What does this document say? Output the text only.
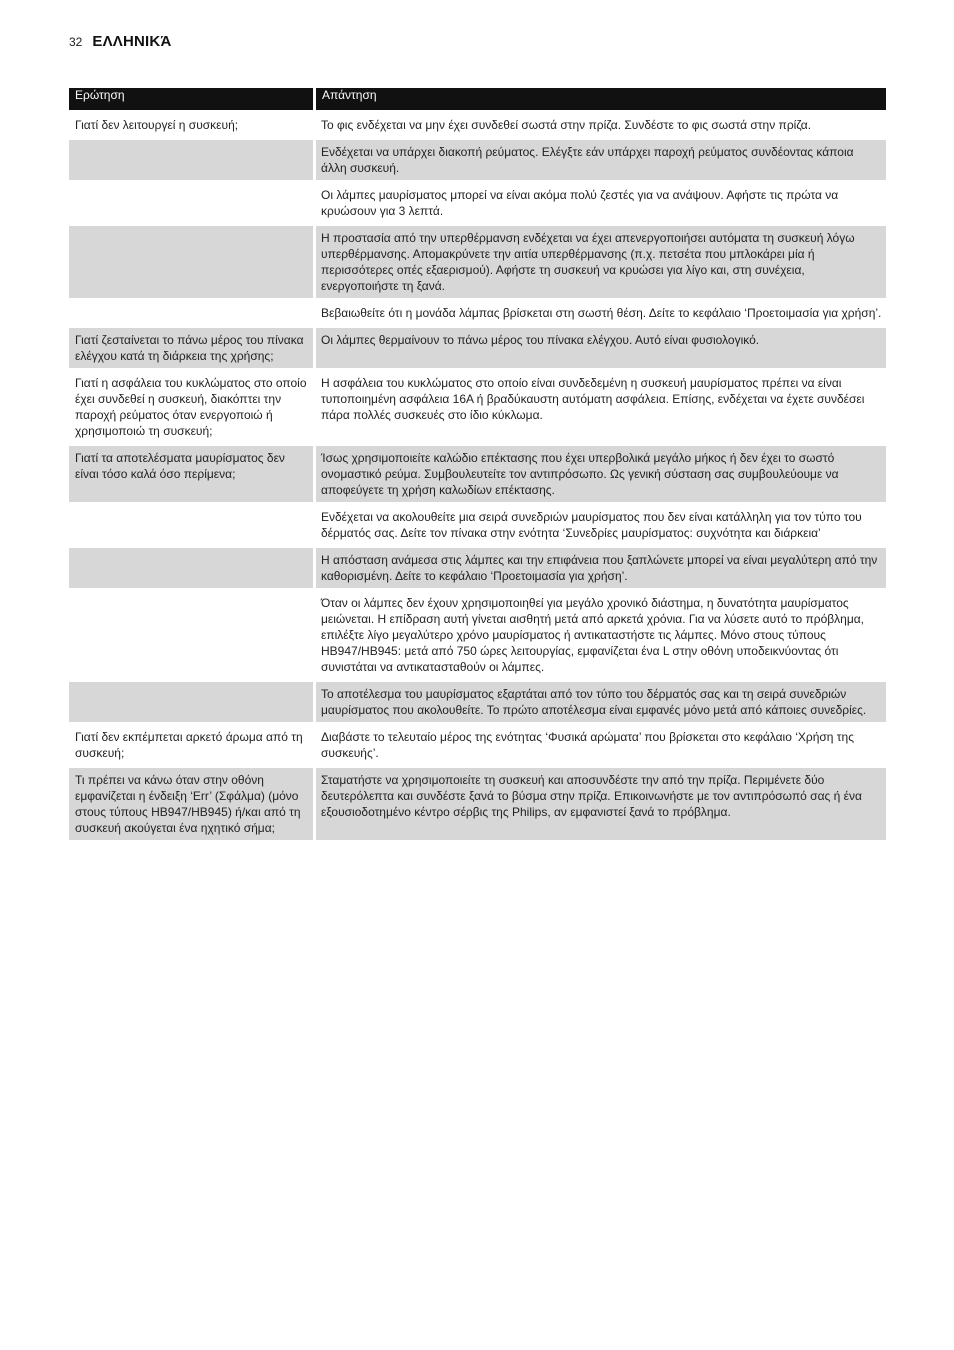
32 ΕΛΛΗΝΙΚΆ
Ερώτηση	Απάντηση
Γιατί δεν λειτουργεί η συσκευή;	Το φις ενδέχεται να μην έχει συνδεθεί σωστά στην πρίζα. Συνδέστε το φις σωστά στην πρίζα.
	Ενδέχεται να υπάρχει διακοπή ρεύματος. Ελέγξτε εάν υπάρχει παροχή ρεύματος συνδέοντας κάποια άλλη συσκευή.
	Οι λάμπες μαυρίσματος μπορεί να είναι ακόμα πολύ ζεστές για να ανάψουν. Αφήστε τις πρώτα να κρυώσουν για 3 λεπτά.
	Η προστασία από την υπερθέρμανση ενδέχεται να έχει απενεργοποιήσει αυτόματα τη συσκευή λόγω υπερθέρμανσης. Απομακρύνετε την αιτία υπερθέρμανσης (π.χ. πετσέτα που μπλοκάρει μία ή περισσότερες οπές εξαερισμού). Αφήστε τη συσκευή να κρυώσει για λίγο και, στη συνέχεια, ενεργοποιήστε τη ξανά.
	Βεβαιωθείτε ότι η μονάδα λάμπας βρίσκεται στη σωστή θέση. Δείτε το κεφάλαιο ‘Προετοιμασία για χρήση’.
Γιατί ζεσταίνεται το πάνω μέρος του πίνακα ελέγχου κατά τη διάρκεια της χρήσης;	Οι λάμπες θερμαίνουν το πάνω μέρος του πίνακα ελέγχου. Αυτό είναι φυσιολογικό.
Γιατί η ασφάλεια του κυκλώματος στο οποίο έχει συνδεθεί η συσκευή, διακόπτει την παροχή ρεύματος όταν ενεργοποιώ ή χρησιμοποιώ τη συσκευή;	Η ασφάλεια του κυκλώματος στο οποίο είναι συνδεδεμένη η συσκευή μαυρίσματος πρέπει να είναι τυποποιημένη ασφάλεια 16A ή βραδύκαυστη αυτόματη ασφάλεια. Επίσης, ενδέχεται να έχετε συνδέσει πάρα πολλές συσκευές στο ίδιο κύκλωμα.
Γιατί τα αποτελέσματα μαυρίσματος δεν είναι τόσο καλά όσο περίμενα;	Ίσως χρησιμοποιείτε καλώδιο επέκτασης που έχει υπερβολικά μεγάλο μήκος ή δεν έχει το σωστό ονομαστικό ρεύμα. Συμβουλευτείτε τον αντιπρόσωπο. Ως γενική σύσταση σας συμβουλεύουμε να αποφεύγετε τη χρήση καλωδίων επέκτασης.
	Ενδέχεται να ακολουθείτε μια σειρά συνεδριών μαυρίσματος που δεν είναι κατάλληλη για τον τύπο του δέρματός σας. Δείτε τον πίνακα στην ενότητα ‘Συνεδρίες μαυρίσματος: συχνότητα και διάρκεια’
	Η απόσταση ανάμεσα στις λάμπες και την επιφάνεια που ξαπλώνετε μπορεί να είναι μεγαλύτερη από την καθορισμένη. Δείτε το κεφάλαιο ‘Προετοιμασία για χρήση’.
	Όταν οι λάμπες δεν έχουν χρησιμοποιηθεί για μεγάλο χρονικό διάστημα, η δυνατότητα μαυρίσματος μειώνεται. Η επίδραση αυτή γίνεται αισθητή μετά από αρκετά χρόνια. Για να λύσετε αυτό το πρόβλημα, επιλέξτε λίγο μεγαλύτερο χρόνο μαυρίσματος ή αντικαταστήστε τις λάμπες. Μόνο στους τύπους HB947/HB945: μετά από 750 ώρες λειτουργίας, εμφανίζεται ένα L στην οθόνη υποδεικνύοντας ότι συνιστάται να αντικατασταθούν οι λάμπες.
	Το αποτέλεσμα του μαυρίσματος εξαρτάται από τον τύπο του δέρματός σας και τη σειρά συνεδριών μαυρίσματος που ακολουθείτε. Το πρώτο αποτέλεσμα είναι εμφανές μόνο μετά από κάποιες συνεδρίες.
Γιατί δεν εκπέμπεται αρκετό άρωμα από τη συσκευή;	Διαβάστε το τελευταίο μέρος της ενότητας ‘Φυσικά αρώματα’ που βρίσκεται στο κεφάλαιο ‘Χρήση της συσκευής’.
Τι πρέπει να κάνω όταν στην οθόνη εμφανίζεται η ένδειξη ‘Err’ (Σφάλμα) (μόνο στους τύπους HB947/HB945) ή/και από τη συσκευή ακούγεται ένα ηχητικό σήμα;	Σταματήστε να χρησιμοποιείτε τη συσκευή και αποσυνδέστε την από την πρίζα. Περιμένετε δύο δευτερόλεπτα και συνδέστε ξανά το βύσμα στην πρίζα. Επικοινωνήστε με τον αντιπρόσωπό σας ή ένα εξουσιοδοτημένο κέντρο σέρβις της Philips, αν εμφανιστεί ξανά το πρόβλημα.
